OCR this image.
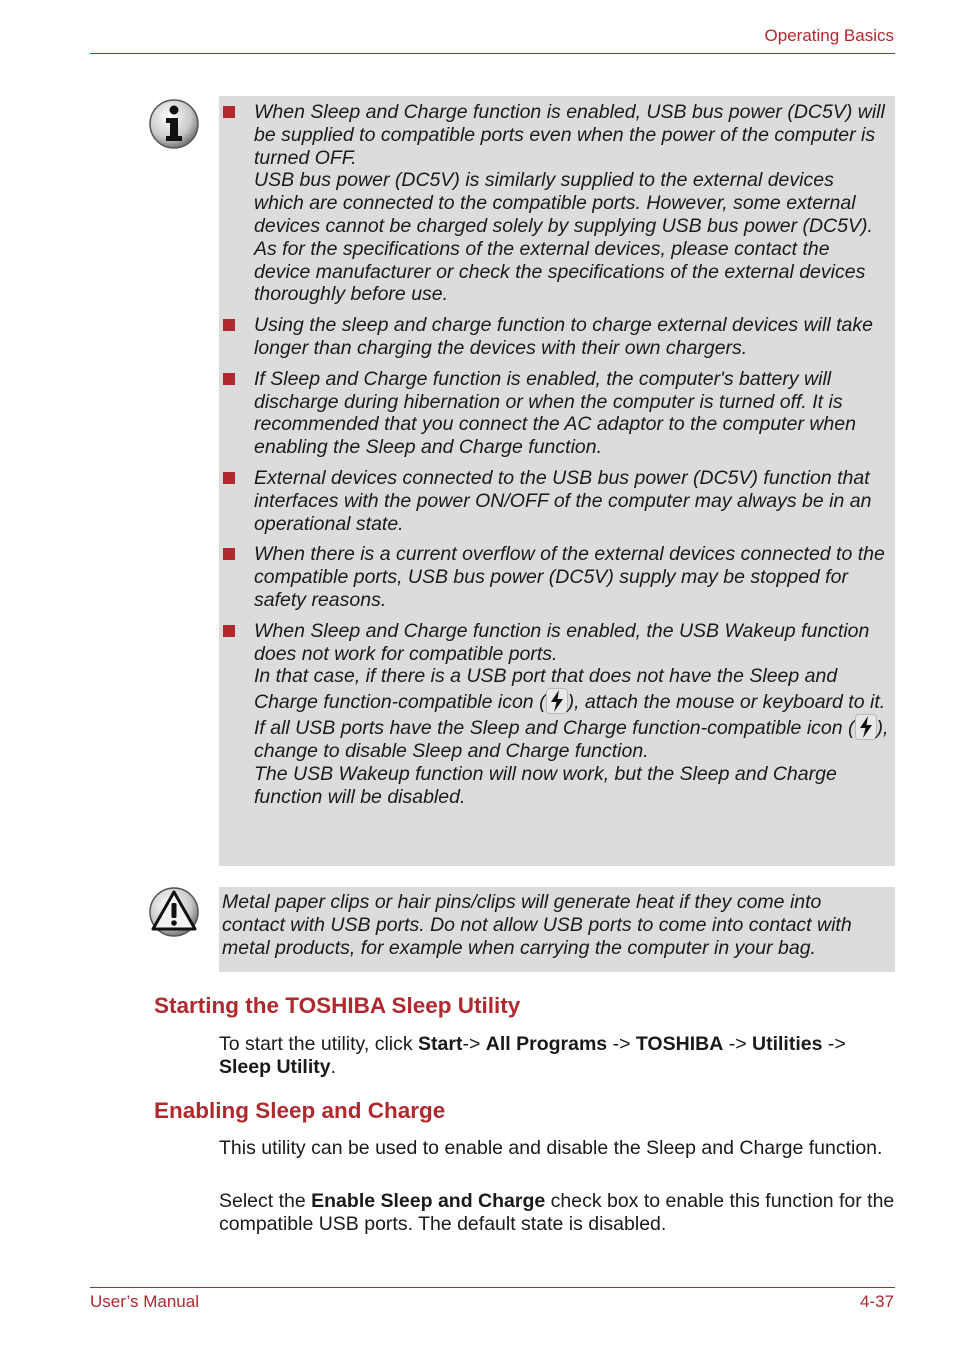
Operating Basics

When Sleep and Charge function is enabled, USB bus power (DC5V) will be supplied to compatible ports even when the power of the computer is turned OFF.

USB bus power (DC5V) is similarly supplied to the external devices which are connected to the compatible ports. However, some external devices cannot be charged solely by supplying USB bus power (DC5V).

As for the specifications of the external devices, please contact the device manufacturer or check the specifications of the external devices thoroughly before use.

Using the sleep and charge function to charge external devices will take longer than charging the devices with their own chargers.

If Sleep and Charge function is enabled, the computer's battery will discharge during hibernation or when the computer is turned off. It is recommended that you connect the AC adaptor to the computer when enabling the Sleep and Charge function.

External devices connected to the USB bus power (DC5V) function that interfaces with the power ON/OFF of the computer may always be in an operational state.

When there is a current overflow of the external devices connected to the compatible ports, USB bus power (DC5V) supply may be stopped for safety reasons.

When Sleep and Charge function is enabled, the USB Wakeup function does not work for compatible ports.

In that case, if there is a USB port that does not have the Sleep and Charge function-compatible icon ( ), attach the mouse or keyboard to it.

If all USB ports have the Sleep and Charge function-compatible icon ( ), change to disable Sleep and Charge function.

The USB Wakeup function will now work, but the Sleep and Charge function will be disabled.

Metal paper clips or hair pins/clips will generate heat if they come into contact with USB ports. Do not allow USB ports to come into contact with metal products, for example when carrying the computer in your bag.

Starting the TOSHIBA Sleep Utility

To start the utility, click Start-> All Programs -> TOSHIBA -> Utilities ->
Sleep Utility.

Enabling Sleep and Charge

This utility can be used to enable and disable the Sleep and Charge function.

Select the Enable Sleep and Charge check box to enable this function for the compatible USB ports. The default state is disabled.

User’s Manual	4-37
